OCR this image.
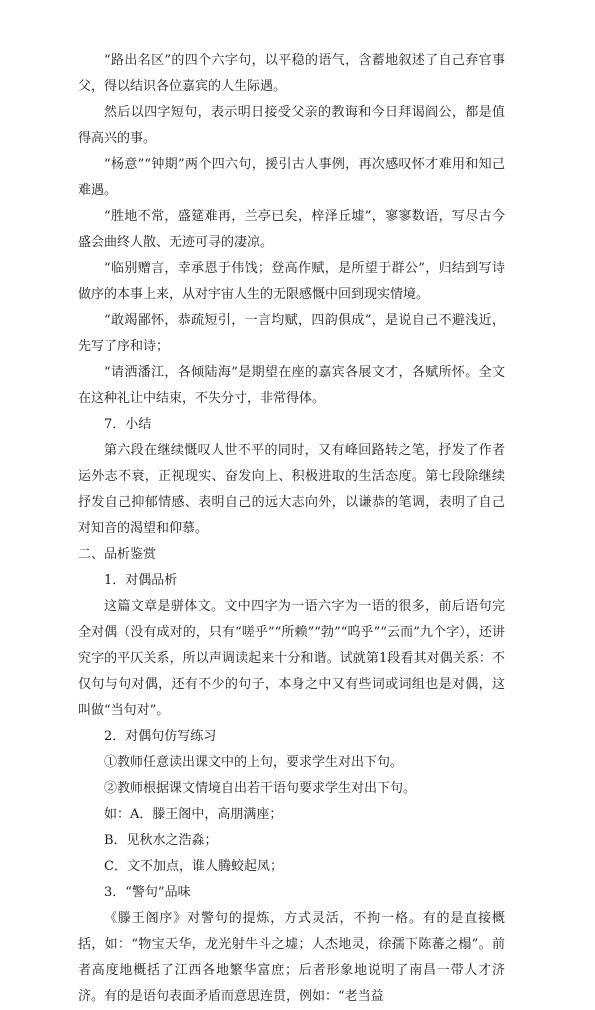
“路出名区”的四个六字句，以平稳的语气，含蓄地叙述了自己弃官事父，得以结识各位嘉宾的人生际遇。

然后以四字短句，表示明日接受父亲的教诲和今日拜谒阎公，都是值得高兴的事。

“杨意”“钟期”两个四六句，援引古人事例，再次感叹怀才难用和知己难遇。

“胜地不常，盛筵难再，兰亭已矣，梓泽丘墟”，寥寥数语，写尽古今盛会曲终人散、无迹可寻的凄凉。

“临别赠言，幸承恩于伟饯；登高作赋，是所望于群公”，归结到写诗做序的本事上来，从对宇宙人生的无限感慨中回到现实情境。

“敢竭鄙怀，恭疏短引，一言均赋，四韵俱成”，是说自己不避浅近，先写了序和诗；

“请洒潘江，各倾陆海”是期望在座的嘉宾各展文才，各赋所怀。全文在这种礼让中结束，不失分寸，非常得体。

7．小结

第六段在继续慨叹人世不平的同时，又有峰回路转之笔，抒发了作者运外志不衰，正视现实、奋发向上、积极进取的生活态度。第七段除继续抒发自己抑郁情感、表明自己的远大志向外，以谦恭的笔调，表明了自己对知音的渴望和仰慕。

二、品析鉴赏

1．对偶品析

这篇文章是骈体文。文中四字为一语六字为一语的很多，前后语句完全对偶（没有成对的，只有“嗟乎”“所赖”“勃”“呜乎”“云而”九个字），还讲究字的平仄关系，所以声调读起来十分和谐。试就第1段看其对偶关系：不仅句与句对偶，还有不少的句子，本身之中又有些词或词组也是对偶，这叫做“当句对”。

2．对偶句仿写练习

①教师任意读出课文中的上句，要求学生对出下句。

②教师根据课文情境自出若干语句要求学生对出下句。

如：A．滕王阁中，高朋满座；

B．见秋水之浩淼；

C．文不加点，谁人腾蛟起凤；

3．“警句”品味

《滕王阁序》对警句的提炼，方式灵活，不拘一格。有的是直接概括，如：“物宝天华，龙光射牛斗之墟；人杰地灵，徐孺下陈蕃之榻”。前者高度地概括了江西各地繁华富庶；后者形象地说明了南昌一带人才济济。有的是语句表面矛盾而意思连贯，例如：“老当益
